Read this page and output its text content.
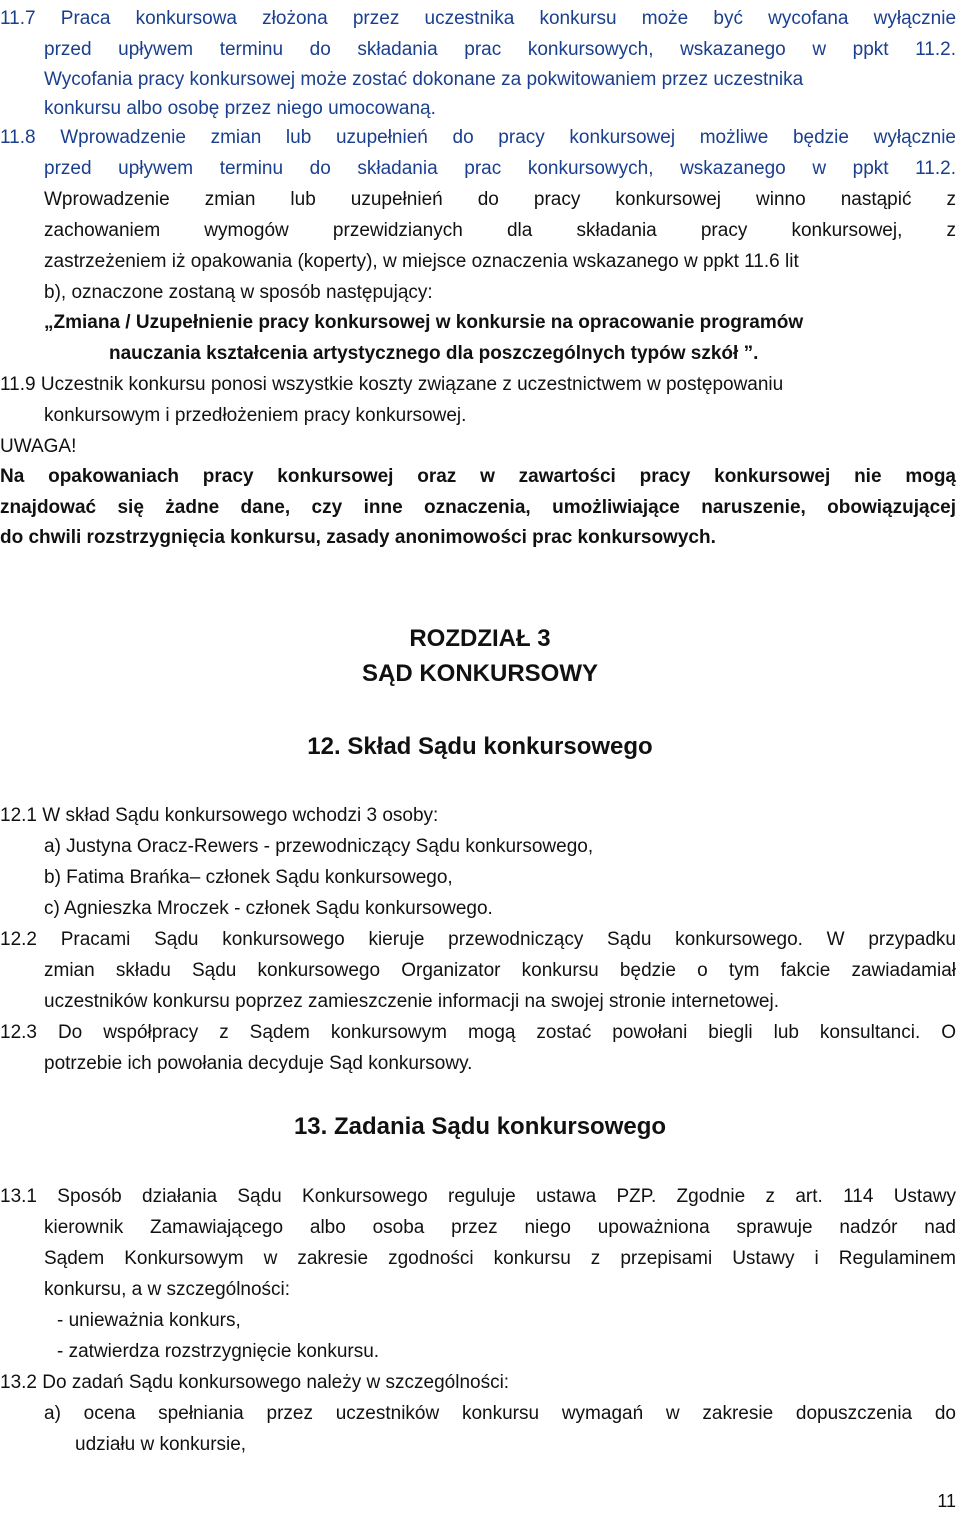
11.7 Praca konkursowa złożona przez uczestnika konkursu może być wycofana wyłącznie
przed upływem terminu do składania prac konkursowych, wskazanego w ppkt 11.2.
Wycofania pracy konkursowej może zostać dokonane za pokwitowaniem przez uczestnika
konkursu albo osobę przez niego umocowaną.
11.8 Wprowadzenie zmian lub uzupełnień do pracy konkursowej możliwe będzie wyłącznie
przed upływem terminu do składania prac konkursowych, wskazanego w ppkt 11.2.
Wprowadzenie zmian lub uzupełnień do pracy konkursowej winno nastąpić z
zachowaniem wymogów przewidzianych dla składania pracy konkursowej, z
zastrzeżeniem iż opakowania (koperty), w miejsce oznaczenia wskazanego w ppkt 11.6 lit
b), oznaczone zostaną w sposób następujący:
„Zmiana / Uzupełnienie pracy konkursowej w konkursie na opracowanie programów
nauczania kształcenia artystycznego dla poszczególnych typów szkół ”.
11.9 Uczestnik konkursu ponosi wszystkie koszty związane z uczestnictwem w postępowaniu
konkursowym i przedłożeniem pracy konkursowej.
UWAGA!
Na opakowaniach pracy konkursowej oraz w zawartości pracy konkursowej nie mogą
znajdować się żadne dane, czy inne oznaczenia, umożliwiające naruszenie, obowiązującej
do chwili rozstrzygnięcia konkursu, zasady anonimowości prac konkursowych.
ROZDZIAŁ 3
SĄD KONKURSOWY
12. Skład Sądu konkursowego
12.1 W skład Sądu konkursowego wchodzi 3 osoby:
a) Justyna Oracz-Rewers - przewodniczący Sądu konkursowego,
b) Fatima Brańka– członek Sądu konkursowego,
c) Agnieszka Mroczek - członek Sądu konkursowego.
12.2 Pracami Sądu konkursowego kieruje przewodniczący Sądu konkursowego. W przypadku
zmian składu Sądu konkursowego Organizator konkursu będzie o tym fakcie zawiadamiał
uczestników konkursu poprzez zamieszczenie informacji na swojej stronie internetowej.
12.3 Do współpracy z Sądem konkursowym mogą zostać powołani biegli lub konsultanci. O
potrzebie ich powołania decyduje Sąd konkursowy.
13. Zadania Sądu konkursowego
13.1 Sposób działania Sądu Konkursowego reguluje ustawa PZP. Zgodnie z art. 114 Ustawy
kierownik Zamawiającego albo osoba przez niego upoważniona sprawuje nadzór nad
Sądem Konkursowym w zakresie zgodności konkursu z przepisami Ustawy i Regulaminem
konkursu, a w szczególności:
- unieważnia konkurs,
- zatwierdza rozstrzygnięcie konkursu.
13.2 Do zadań Sądu konkursowego należy w szczególności:
a) ocena spełniania przez uczestników konkursu wymagań w zakresie dopuszczenia do
udziału w konkursie,
11
